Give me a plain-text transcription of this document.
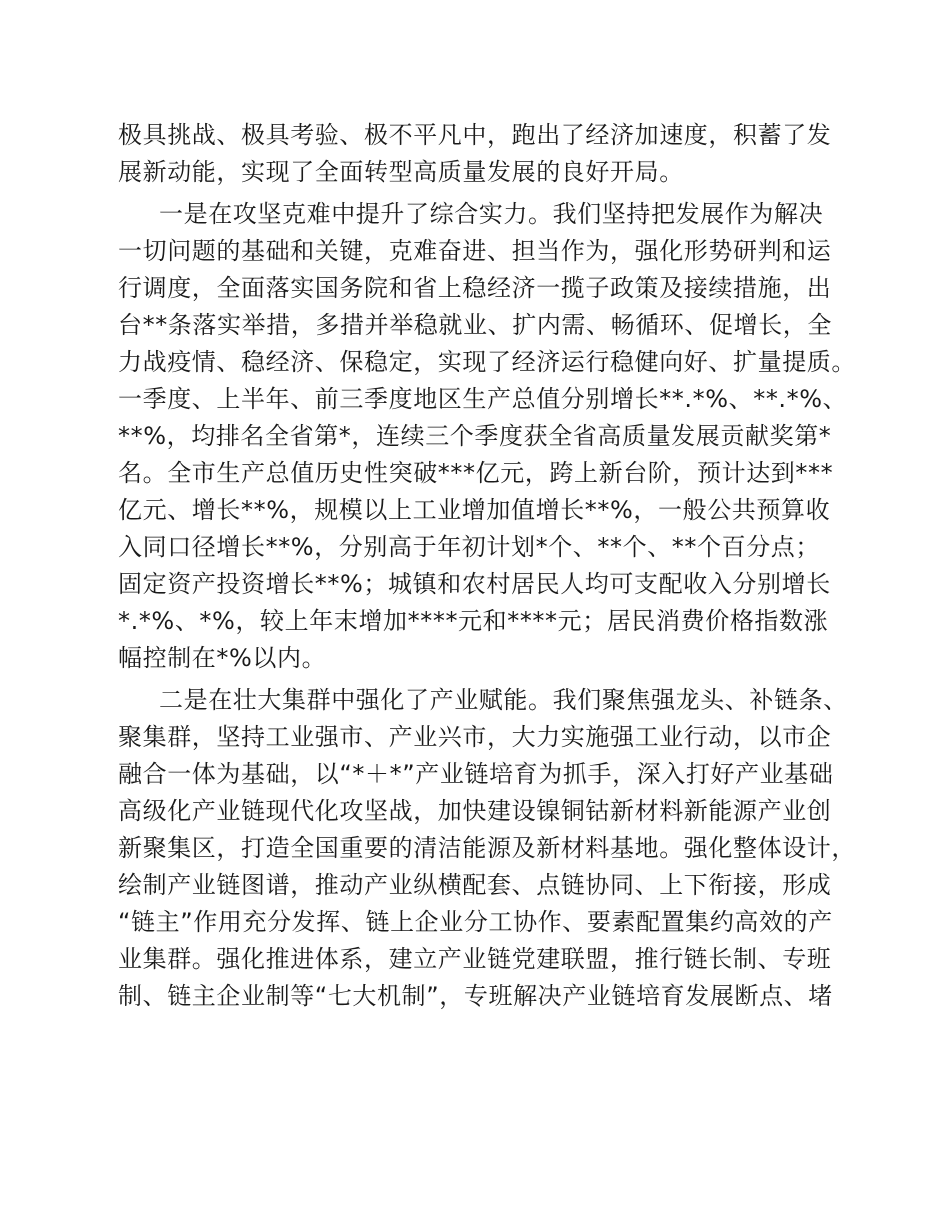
极具挑战、极具考验、极不平凡中，跑出了经济加速度，积蓄了发
展新动能，实现了全面转型高质量发展的良好开局。
一是在攻坚克难中提升了综合实力。我们坚持把发展作为解决
一切问题的基础和关键，克难奋进、担当作为，强化形势研判和运
行调度，全面落实国务院和省上稳经济一揽子政策及接续措施，出
台**条落实举措，多措并举稳就业、扩内需、畅循环、促增长，全
力战疫情、稳经济、保稳定，实现了经济运行稳健向好、扩量提质。
一季度、上半年、前三季度地区生产总值分别增长**.*%、**.*%、
**%，均排名全省第*，连续三个季度获全省高质量发展贡献奖第*
名。全市生产总值历史性突破***亿元，跨上新台阶，预计达到***
亿元、增长**%，规模以上工业增加值增长**%，一般公共预算收
入同口径增长**%，分别高于年初计划*个、**个、**个百分点；
固定资产投资增长**%；城镇和农村居民人均可支配收入分别增长
*.*%、*%，较上年末增加****元和****元；居民消费价格指数涨
幅控制在*%以内。
二是在壮大集群中强化了产业赋能。我们聚焦强龙头、补链条、
聚集群，坚持工业强市、产业兴市，大力实施强工业行动，以市企
融合一体为基础，以“*＋*”产业链培育为抓手，深入打好产业基础
高级化产业链现代化攻坚战，加快建设镍铜钴新材料新能源产业创
新聚集区，打造全国重要的清洁能源及新材料基地。强化整体设计，
绘制产业链图谱，推动产业纵横配套、点链协同、上下衔接，形成
“链主”作用充分发挥、链上企业分工协作、要素配置集约高效的产
业集群。强化推进体系，建立产业链党建联盟，推行链长制、专班
制、链主企业制等“七大机制”，专班解决产业链培育发展断点、堵
